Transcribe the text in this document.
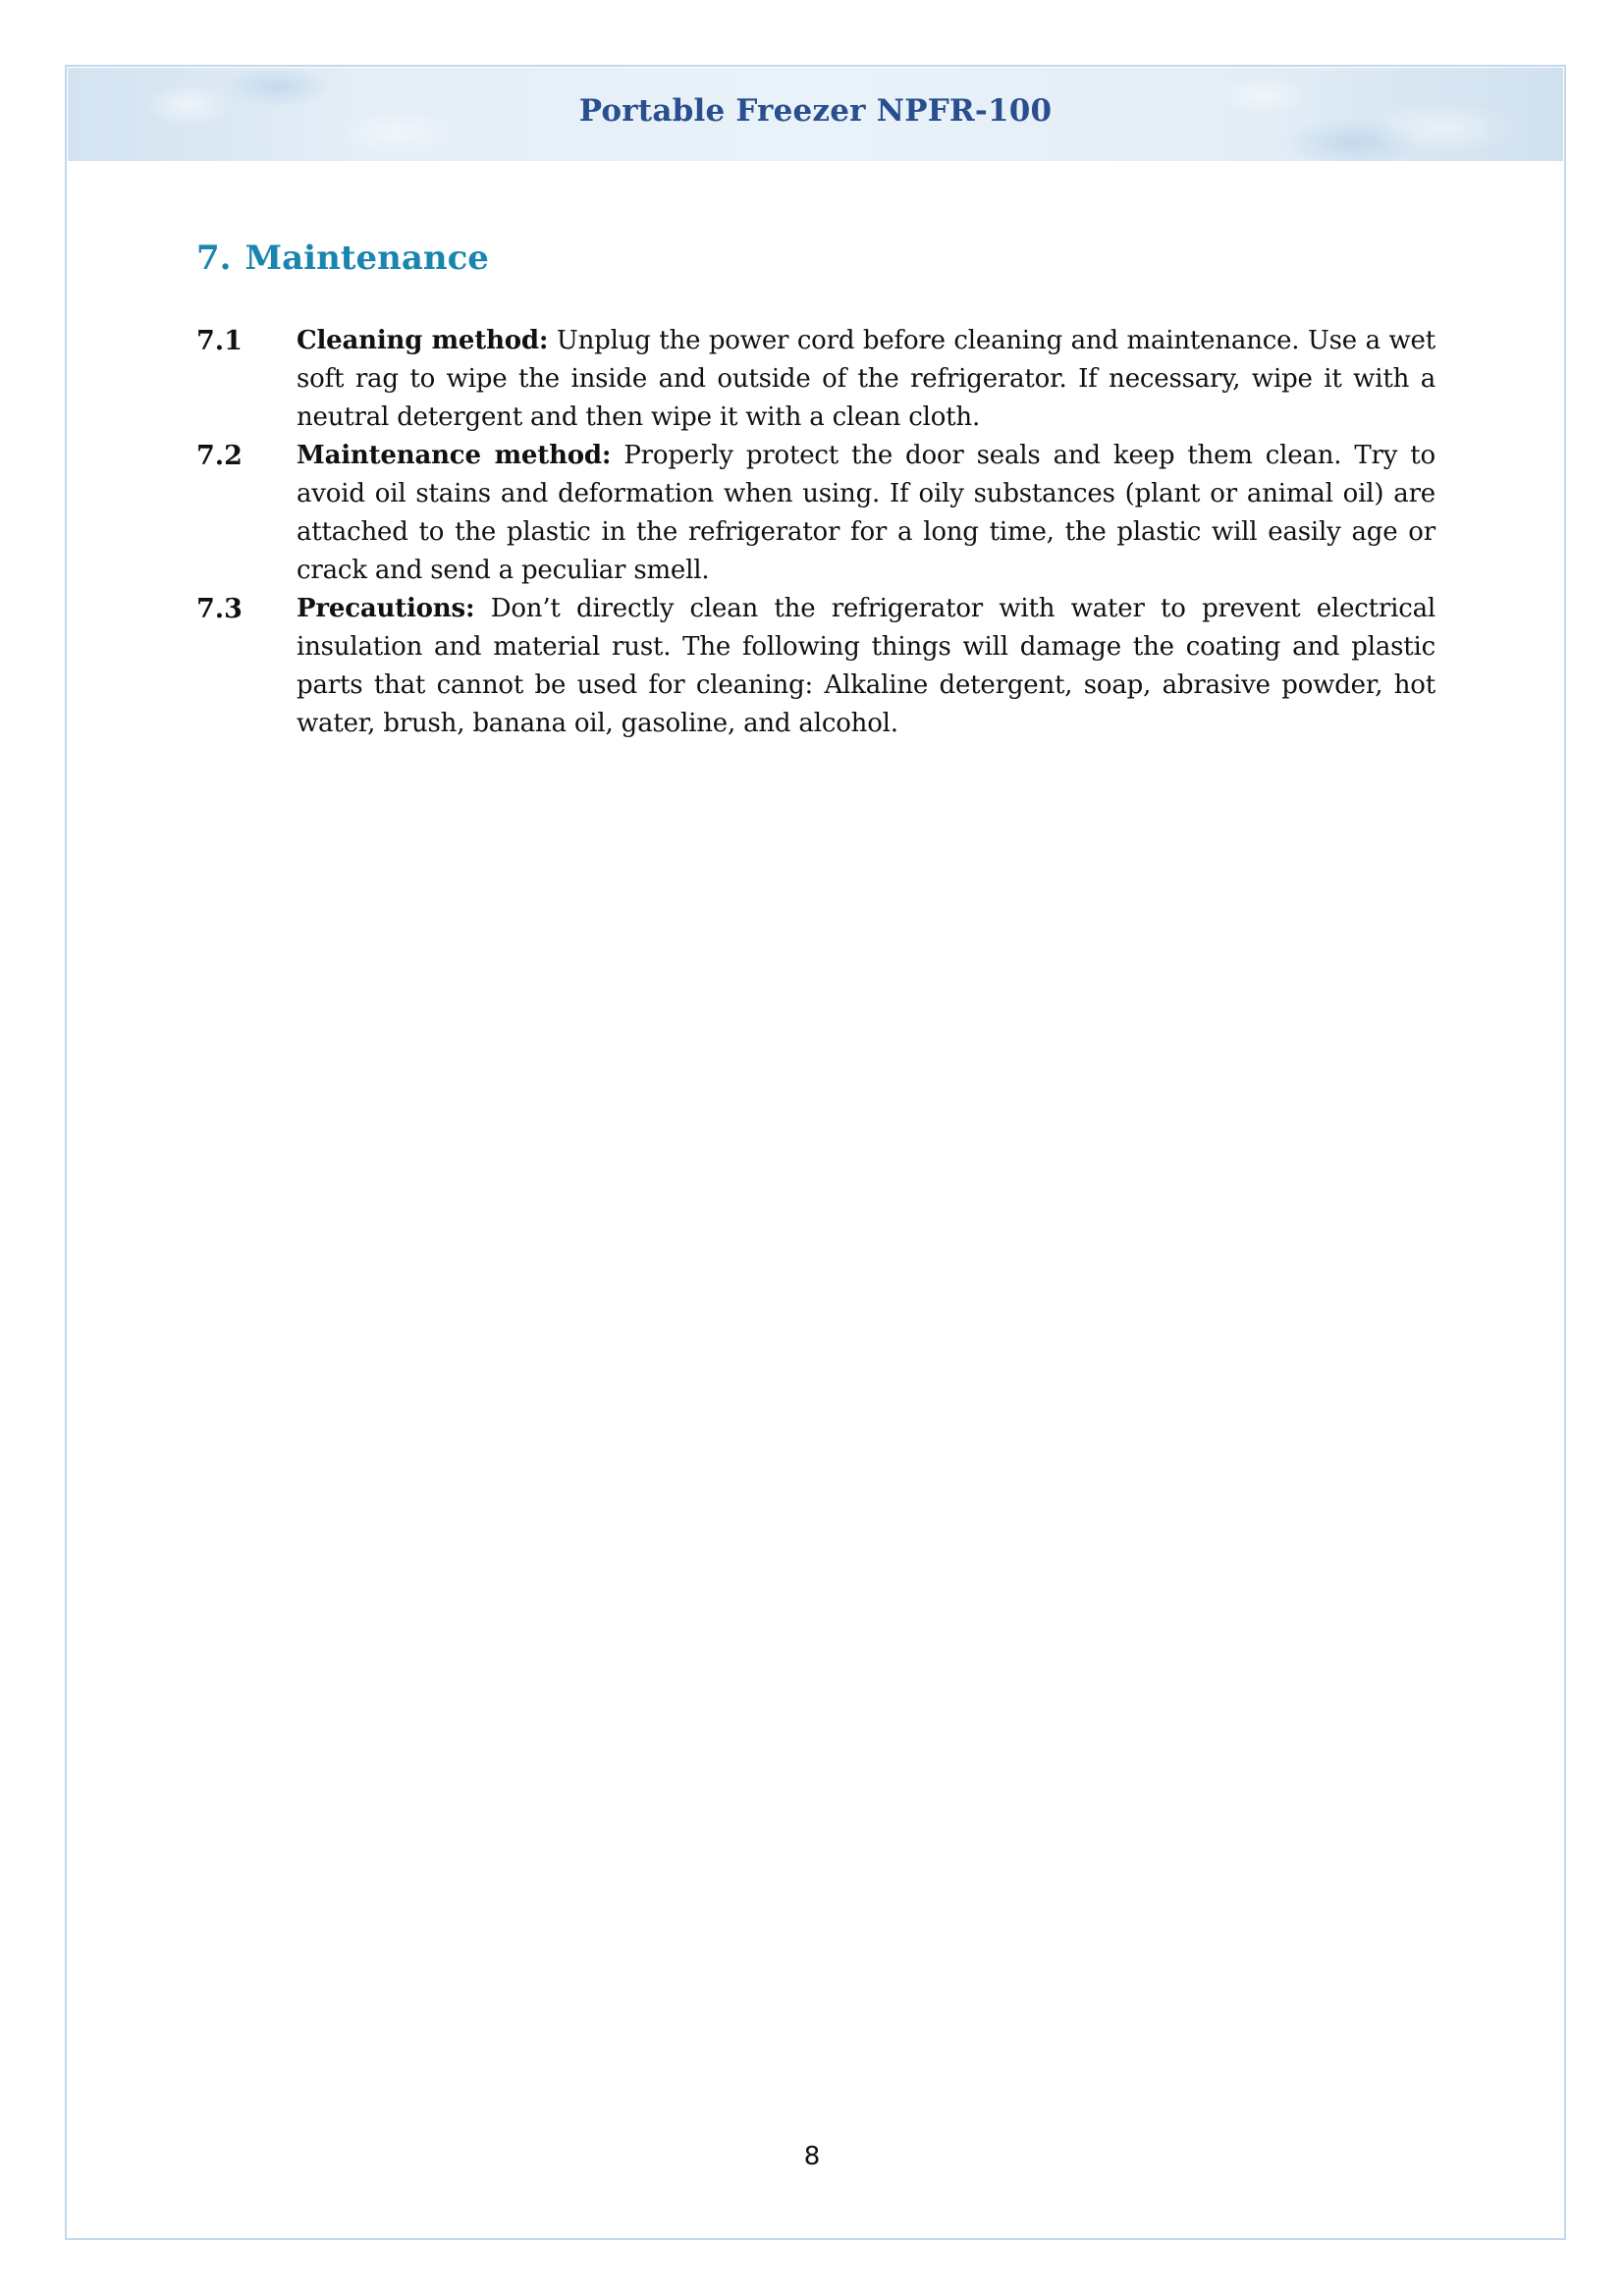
Portable Freezer NPFR-100
7. Maintenance
7.1	Cleaning method: Unplug the power cord before cleaning and maintenance. Use a wet soft rag to wipe the inside and outside of the refrigerator. If necessary, wipe it with a neutral detergent and then wipe it with a clean cloth.
7.2	Maintenance method: Properly protect the door seals and keep them clean. Try to avoid oil stains and deformation when using. If oily substances (plant or animal oil) are attached to the plastic in the refrigerator for a long time, the plastic will easily age or crack and send a peculiar smell.
7.3	Precautions: Don’t directly clean the refrigerator with water to prevent electrical insulation and material rust. The following things will damage the coating and plastic parts that cannot be used for cleaning: Alkaline detergent, soap, abrasive powder, hot water, brush, banana oil, gasoline, and alcohol.
8
